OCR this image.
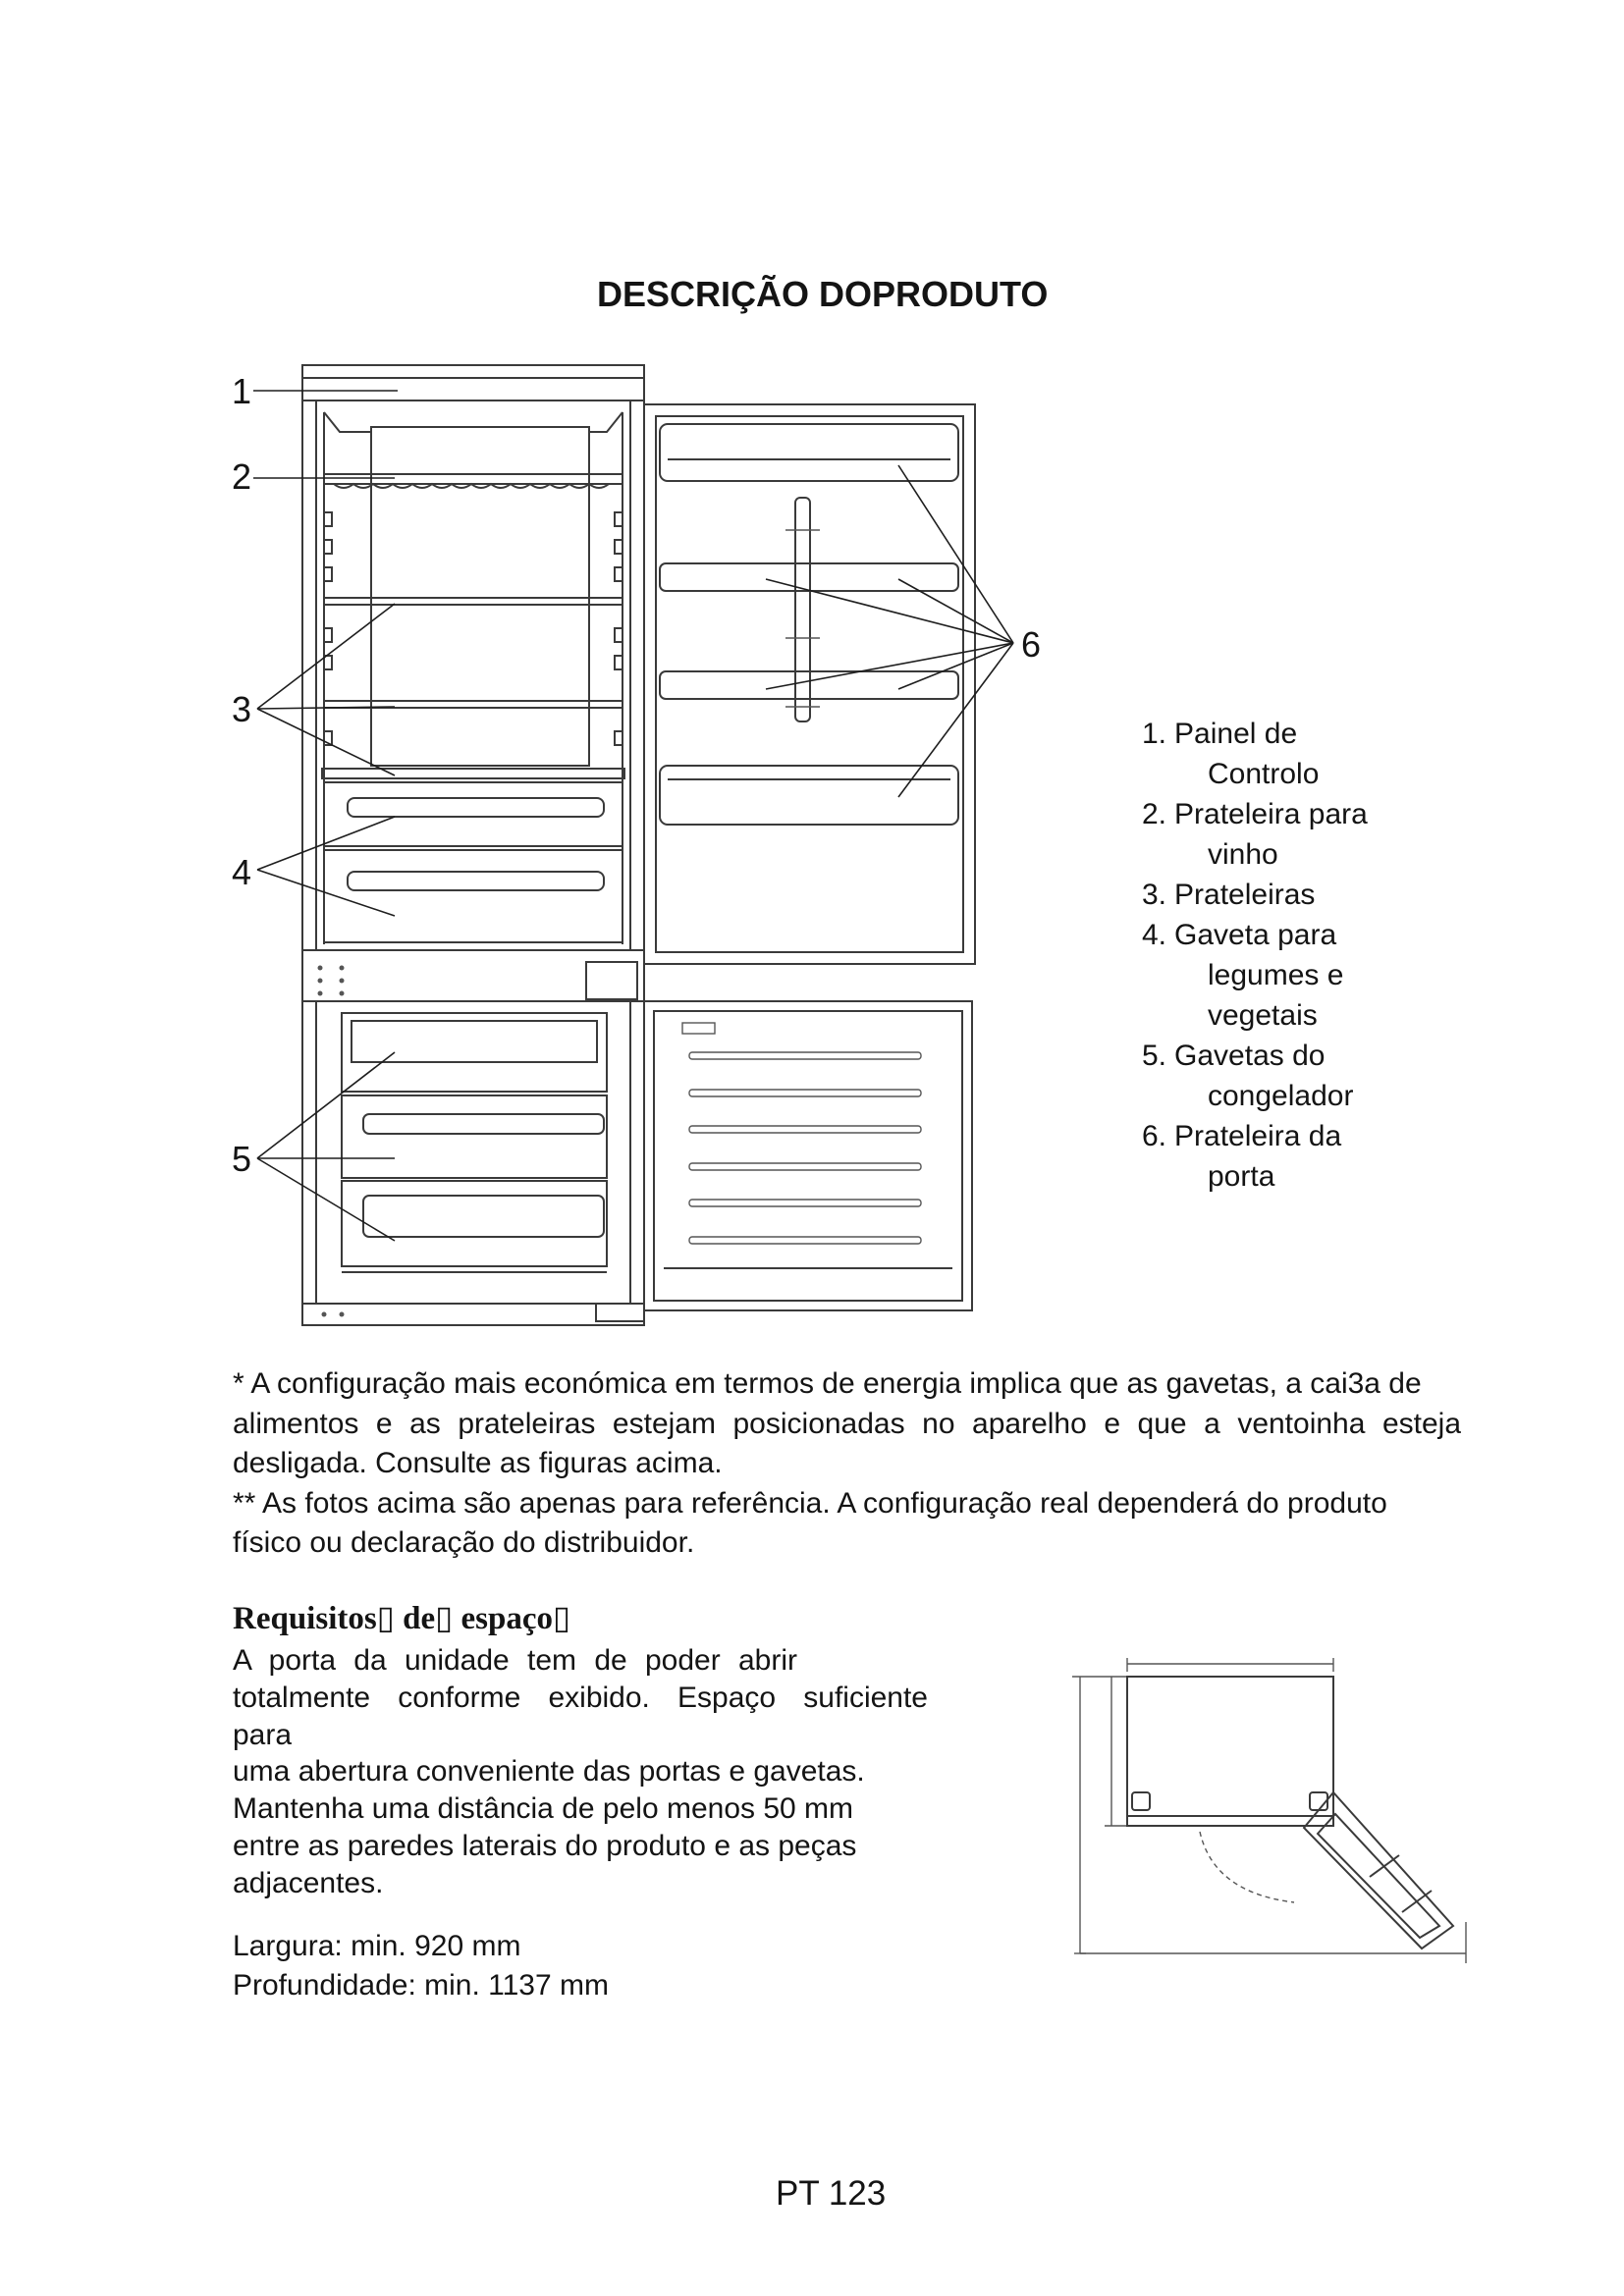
DESCRIÇÃO DOPRODUTO
1
2
3
4
5
6
1. Painel de
Controlo
2. Prateleira para
vinho
3. Prateleiras
4. Gaveta para
legumes e
vegetais
5. Gavetas do
congelador
6. Prateleira da
porta
* A configuração mais económica em termos de energia implica que as gavetas, a cai3a de
alimentos e as prateleiras estejam posicionadas no aparelho e que a ventoinha esteja
desligada. Consulte as figuras acima.
** As fotos acima são apenas para referência. A configuração real dependerá do produto
físico ou declaração do distribuidor.
Requisitos▯ de▯ espaço▯
A porta da unidade tem de poder abrir
totalmente conforme exibido. Espaço suficiente
para
uma abertura conveniente das portas e gavetas.
Mantenha uma distância de pelo menos 50 mm
entre as paredes laterais do produto e as peças
adjacentes.
Largura: min. 920 mm
Profundidade: min. 1137 mm
PT 123
